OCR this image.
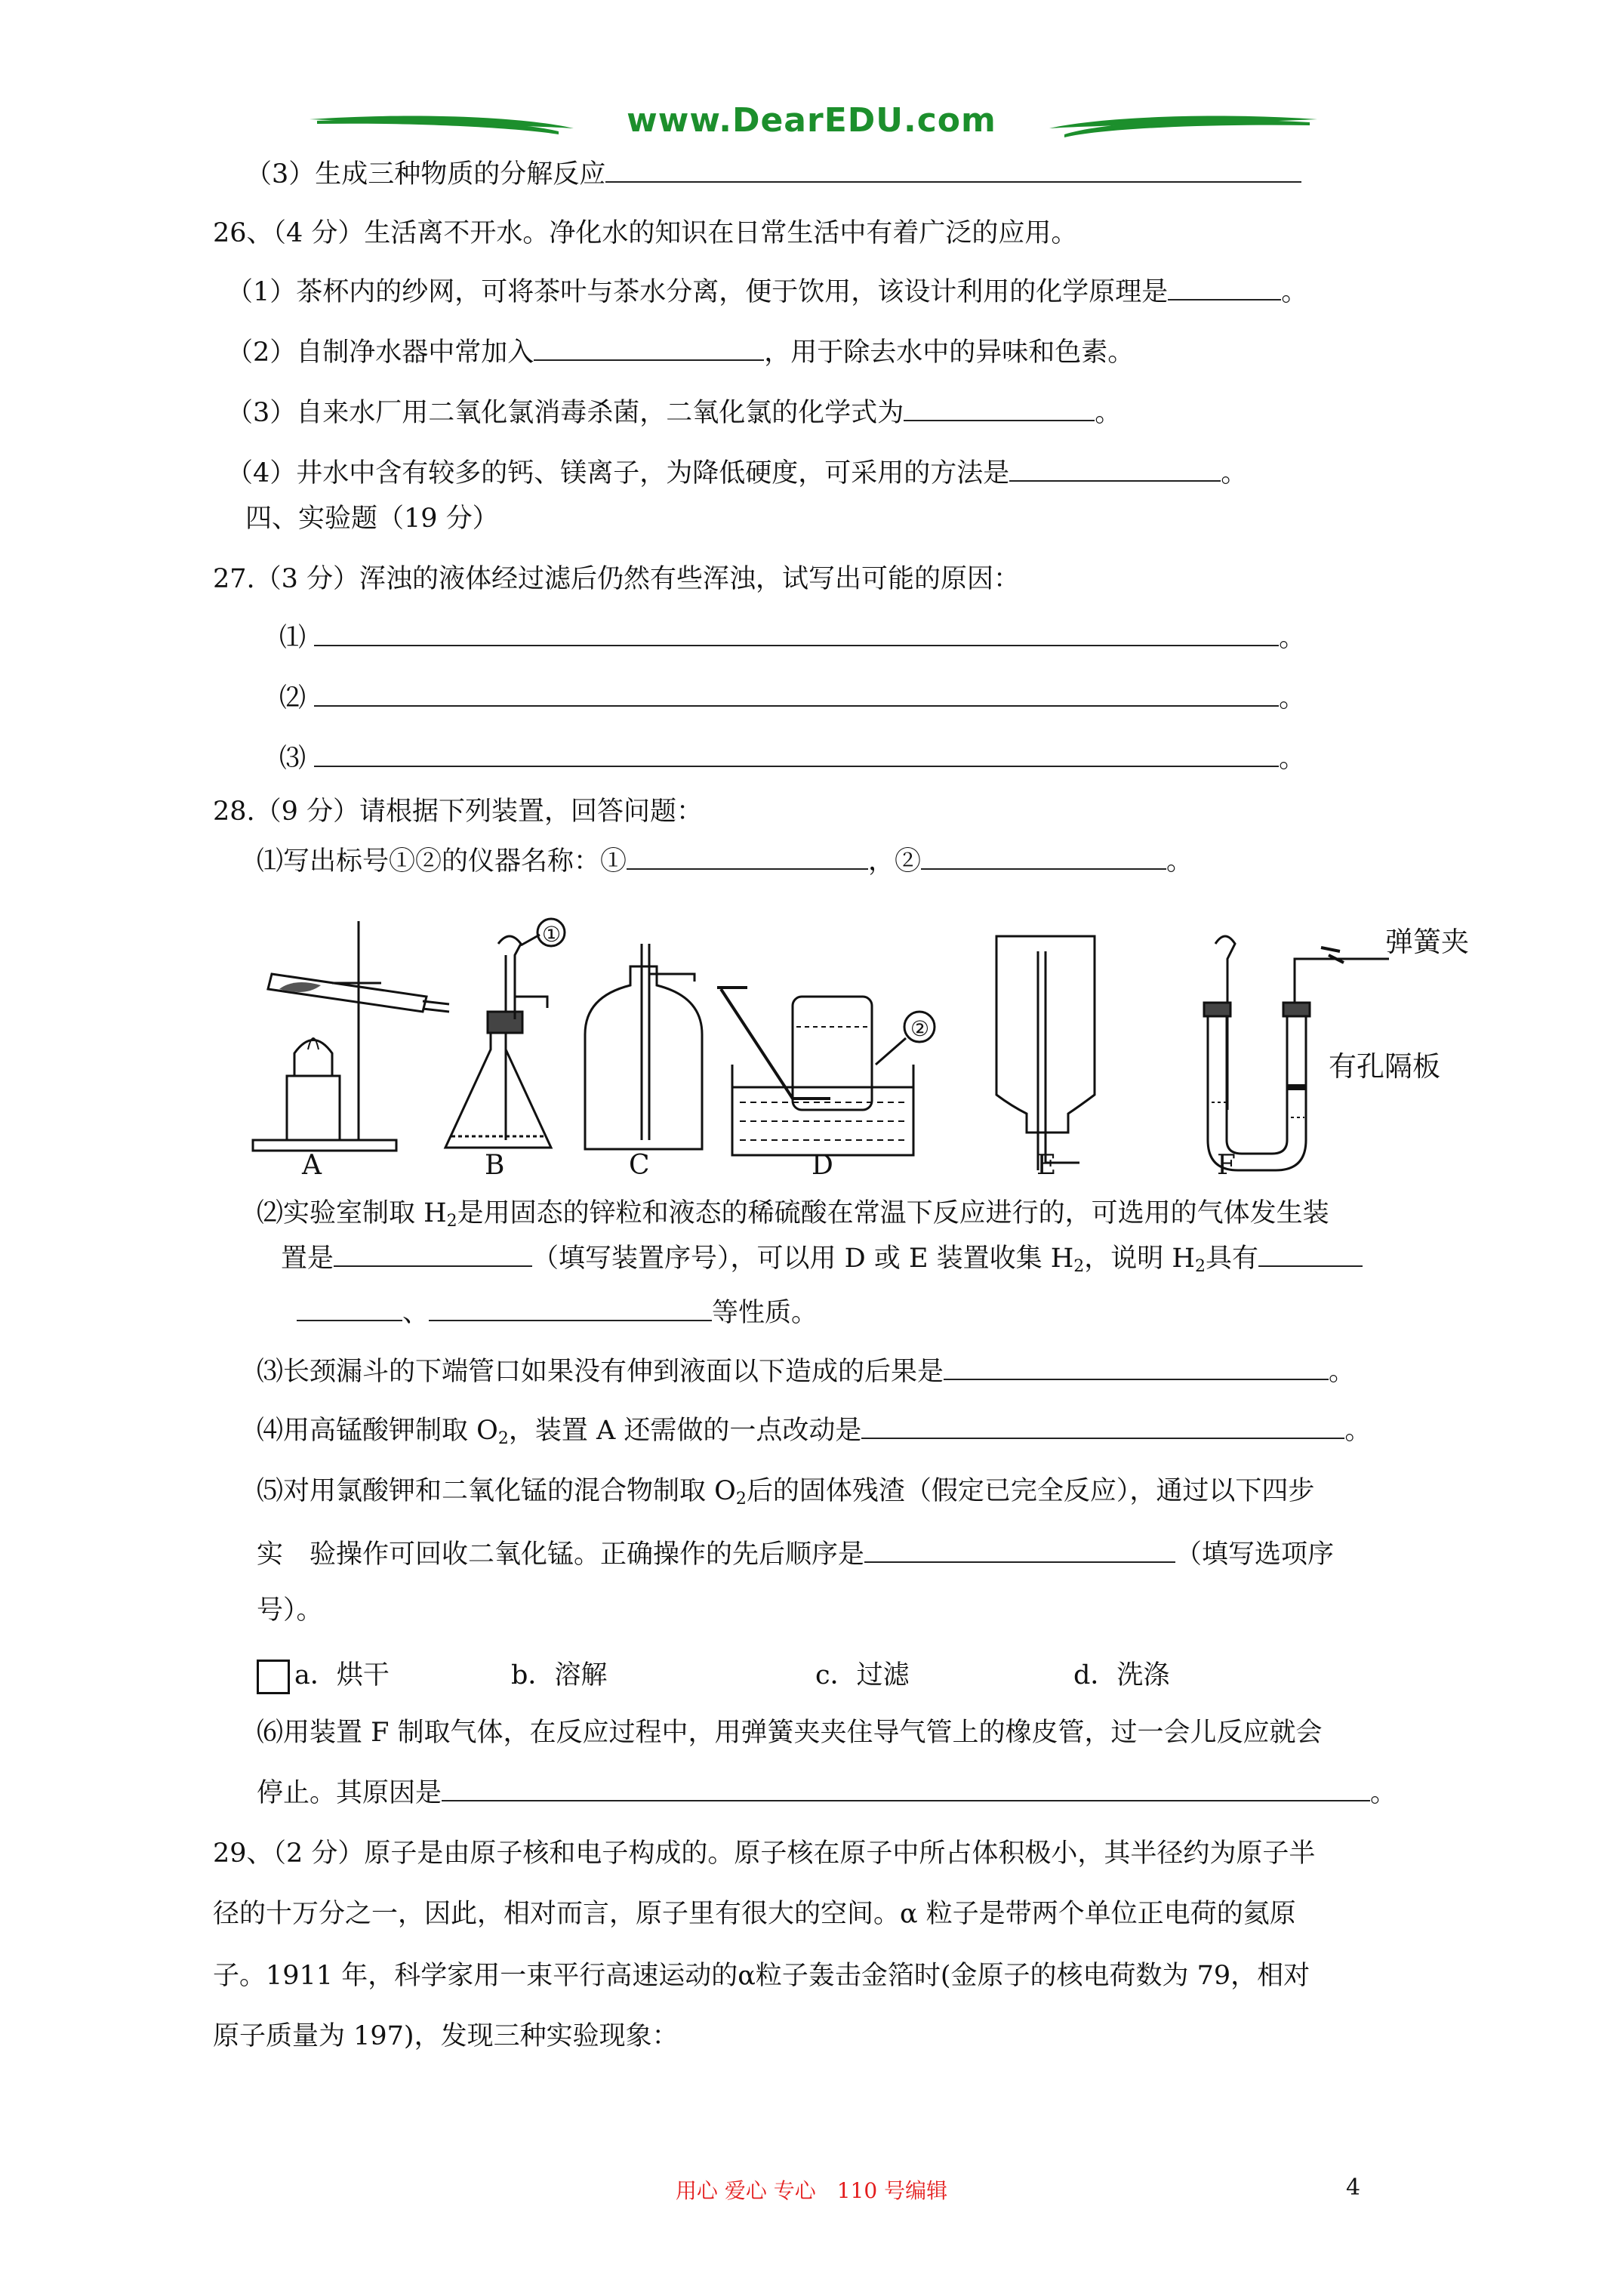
www.DearEDU.com
（3）生成三种物质的分解反应
26、（4 分）生活离不开水。净化水的知识在日常生活中有着广泛的应用。
（1）茶杯内的纱网，可将茶叶与茶水分离，便于饮用，该设计利用的化学原理是	。
（2）自制净水器中常加入	，用于除去水中的异味和色素。
（3）自来水厂用二氧化氯消毒杀菌，二氧化氯的化学式为	。
（4）井水中含有较多的钙、镁离子，为降低硬度，可采用的方法是	。
四、实验题（19 分）
27.（3 分）浑浊的液体经过滤后仍然有些浑浊，试写出可能的原因：
⑴	。
⑵	。
⑶	。
28.（9 分）请根据下列装置，回答问题：
⑴写出标号①②的仪器名称：①	，②	。
A
①
B	C
②
D	E	F
弹簧夹
有孔隔板
⑵实验室制取 $H_2$是用固态的锌粒和液态的稀硫酸在常温下反应进行的，可选用的气体发生装
置是	（填写装置序号），可以用 D 或 E 装置收集 $H_2$，说明 $H_2$具有
、	等性质。
⑶长颈漏斗的下端管口如果没有伸到液面以下造成的后果是	。
⑷用高锰酸钾制取 $O_2$，装置 A 还需做的一点改动是	。
⑸对用氯酸钾和二氧化锰的混合物制取 $O_2$后的固体残渣（假定已完全反应），通过以下四步
实　验操作可回收二氧化锰。正确操作的先后顺序是	（填写选项序
号）。
a．烘干	b．溶解	c．过滤	d．洗涤
⑹用装置 F 制取气体，在反应过程中，用弹簧夹夹住导气管上的橡皮管，过一会儿反应就会
停止。其原因是	。
29、（2 分）原子是由原子核和电子构成的。原子核在原子中所占体积极小，其半径约为原子半
径的十万分之一，因此，相对而言，原子里有很大的空间。α 粒子是带两个单位正电荷的氦原
子。1911 年，科学家用一束平行高速运动的α粒子轰击金箔时(金原子的核电荷数为 79，相对
原子质量为 197)，发现三种实验现象：
用心 爱心 专心　110 号编辑	4
